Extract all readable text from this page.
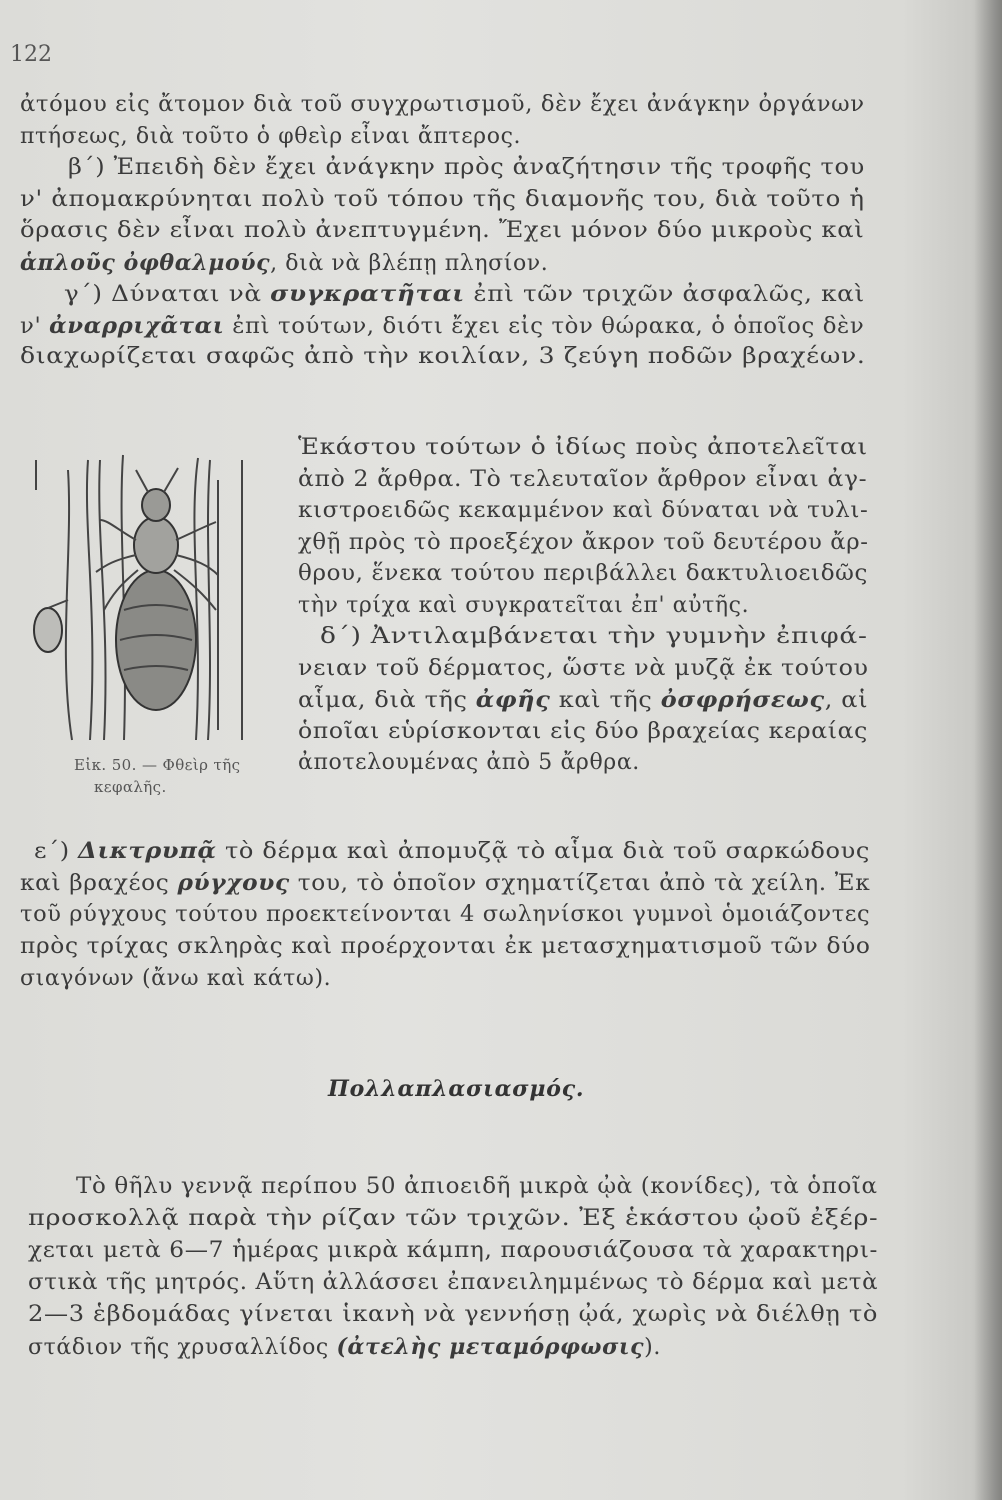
122
ἀτόμου εἰς ἄτομον διὰ τοῦ συγχρωτισμοῦ, δὲν ἔχει ἀνάγκην ὀργάνων
πτήσεως, διὰ τοῦτο ὁ φθεὶρ εἶναι ἄπτερος.
β΄) Ἐπειδὴ δὲν ἔχει ἀνάγκην πρὸς ἀναζήτησιν τῆς τροφῆς του
ν' ἀπομακρύνηται πολὺ τοῦ τόπου τῆς διαμονῆς του, διὰ τοῦτο ἡ
ὅρασις δὲν εἶναι πολὺ ἀνεπτυγμένη. Ἔχει μόνον δύο μικροὺς καὶ
ἁπλοῦς ὀφθαλμούς, διὰ νὰ βλέπῃ πλησίον.
γ΄) Δύναται νὰ συγκρατῆται ἐπὶ τῶν τριχῶν ἀσφαλῶς, καὶ
ν' ἀναρριχᾶται ἐπὶ τούτων, διότι ἔχει εἰς τὸν θώρακα, ὁ ὁποῖος δὲν
διαχωρίζεται σαφῶς ἀπὸ τὴν κοιλίαν, 3 ζεύγη ποδῶν βραχέων.
Ἑκάστου τούτων ὁ ἰδίως ποὺς ἀποτελεῖται
ἀπὸ 2 ἄρθρα. Τὸ τελευταῖον ἄρθρον εἶναι ἀγ-
κιστροειδῶς κεκαμμένον καὶ δύναται νὰ τυλι-
χθῇ πρὸς τὸ προεξέχον ἄκρον τοῦ δευτέρου ἄρ-
θρου, ἕνεκα τούτου περιβάλλει δακτυλιοειδῶς
τὴν τρίχα καὶ συγκρατεῖται ἐπ' αὐτῆς.
δ΄) Ἀντιλαμβάνεται τὴν γυμνὴν ἐπιφά-
νειαν τοῦ δέρματος, ὥστε νὰ μυζᾷ ἐκ τούτου
αἷμα, διὰ τῆς ἀφῆς καὶ τῆς ὀσφρήσεως, αἱ
ὁποῖαι εὑρίσκονται εἰς δύο βραχείας κεραίας
ἀποτελουμένας ἀπὸ 5 ἄρθρα.
Εἰκ. 50. — Φθεὶρ τῆς
κεφαλῆς.
ε΄) Δικτρυπᾷ τὸ δέρμα καὶ ἀπομυζᾷ τὸ αἷμα διὰ τοῦ σαρκώδους
καὶ βραχέος ρύγχους του, τὸ ὁποῖον σχηματίζεται ἀπὸ τὰ χείλη. Ἐκ
τοῦ ρύγχους τούτου προεκτείνονται 4 σωληνίσκοι γυμνοὶ ὁμοιάζοντες
πρὸς τρίχας σκληρὰς καὶ προέρχονται ἐκ μετασχηματισμοῦ τῶν δύο
σιαγόνων (ἄνω καὶ κάτω).
Πολλαπλασιασμός.
Τὸ θῆλυ γεννᾷ περίπου 50 ἀπιοειδῆ μικρὰ ᾠὰ (κονίδες), τὰ ὁποῖα
προσκολλᾷ παρὰ τὴν ρίζαν τῶν τριχῶν. Ἐξ ἑκάστου ᾠοῦ ἐξέρ-
χεται μετὰ 6—7 ἡμέρας μικρὰ κάμπη, παρουσιάζουσα τὰ χαρακτηρι-
στικὰ τῆς μητρός. Αὕτη ἀλλάσσει ἐπανειλημμένως τὸ δέρμα καὶ μετὰ
2—3 ἑβδομάδας γίνεται ἱκανὴ νὰ γεννήσῃ ᾠά, χωρὶς νὰ διέλθῃ τὸ
στάδιον τῆς χρυσαλλίδος (ἀτελὴς μεταμόρφωσις).
